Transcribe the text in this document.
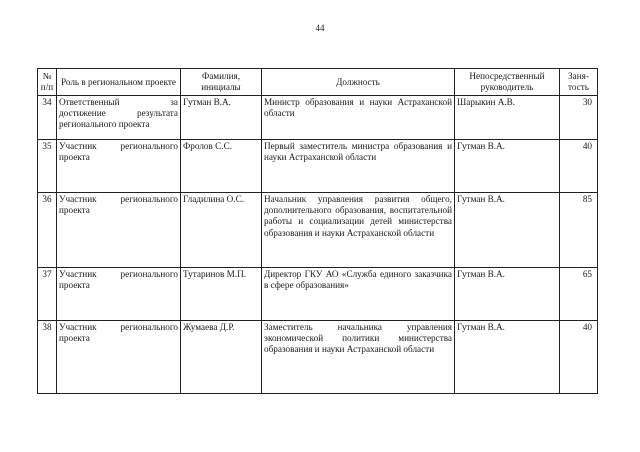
44
№ п/п	Роль в региональном проекте	Фамилия, инициалы	Должность	Непосредственный руководитель	Заня-тость
34	Ответственный за достижение результата регионального проекта	Гутман В.А.	Министр образования и науки Астраханской области	Шарыкин А.В.	30
35	Участник регионального проекта	Фролов С.С.	Первый заместитель министра образования и науки Астраханской области	Гутман В.А.	40
36	Участник регионального проекта	Гладилина О.С.	Начальник управления развития общего, дополнительного образования, воспитательной работы и социализации детей министерства образования и науки Астраханской области	Гутман В.А.	85
37	Участник регионального проекта	Тутаринов М.П.	Директор ГКУ АО «Служба единого заказчика в сфере образования»	Гутман В.А.	65
38	Участник регионального проекта	Жумаева Д.Р.	Заместитель начальника управления экономической политики министерства образования и науки Астраханской области	Гутман В.А.	40
